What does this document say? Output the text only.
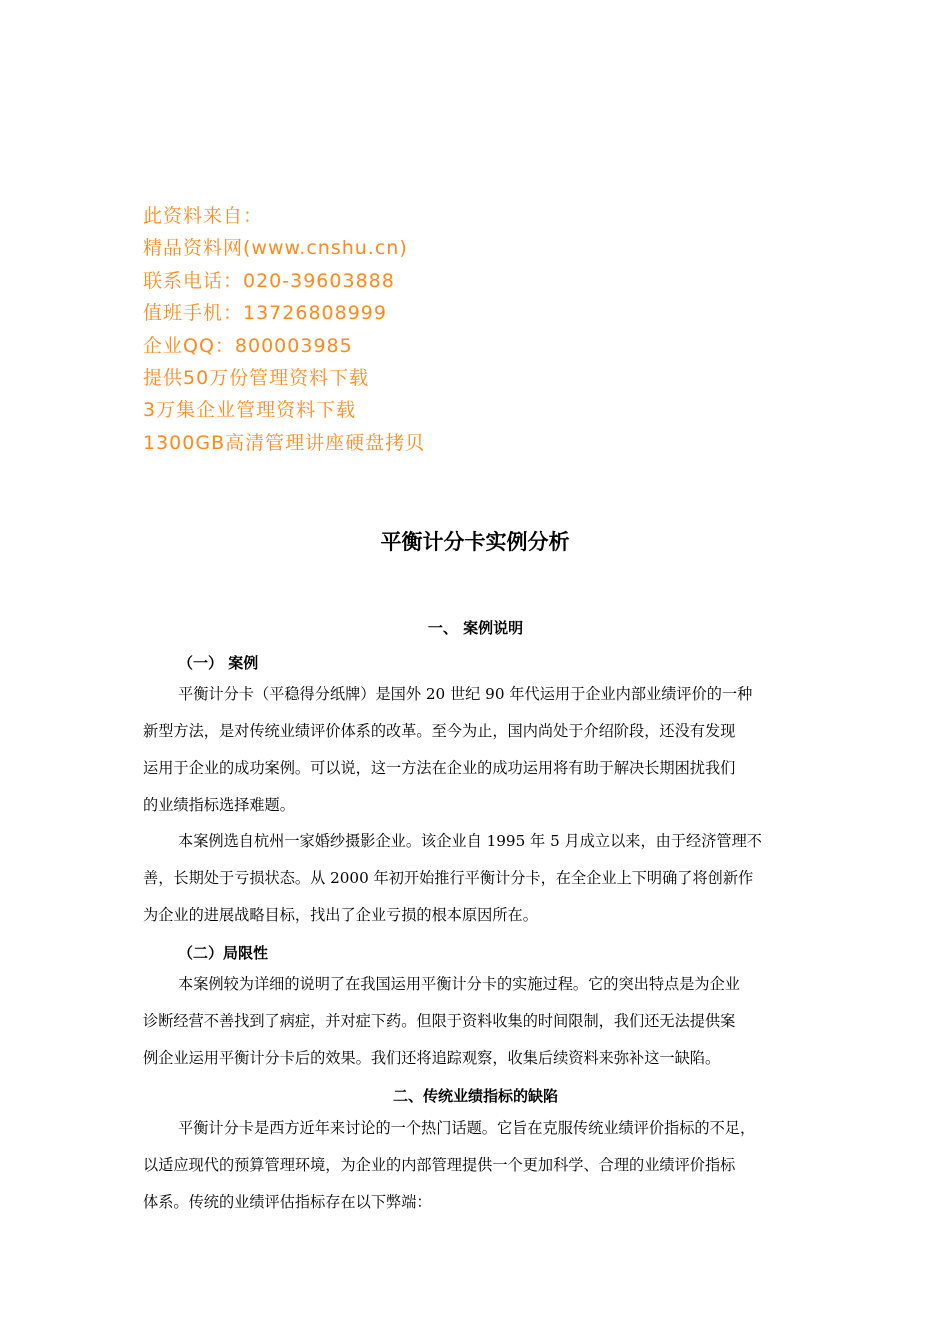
此资料来自：
精品资料网(www.cnshu.cn)
联系电话：020-39603888
值班手机：13726808999
企业QQ：800003985
提供50万份管理资料下载
3万集企业管理资料下载
1300GB高清管理讲座硬盘拷贝
平衡计分卡实例分析
一、 案例说明
（一） 案例
平衡计分卡（平稳得分纸牌）是国外 20 世纪 90 年代运用于企业内部业绩评价的一种
新型方法，是对传统业绩评价体系的改革。至今为止，国内尚处于介绍阶段，还没有发现
运用于企业的成功案例。可以说，这一方法在企业的成功运用将有助于解决长期困扰我们
的业绩指标选择难题。
本案例选自杭州一家婚纱摄影企业。该企业自 1995 年 5 月成立以来，由于经济管理不
善，长期处于亏损状态。从 2000 年初开始推行平衡计分卡，在全企业上下明确了将创新作
为企业的进展战略目标，找出了企业亏损的根本原因所在。
（二）局限性
本案例较为详细的说明了在我国运用平衡计分卡的实施过程。它的突出特点是为企业
诊断经营不善找到了病症，并对症下药。但限于资料收集的时间限制，我们还无法提供案
例企业运用平衡计分卡后的效果。我们还将追踪观察，收集后续资料来弥补这一缺陷。
二、传统业绩指标的缺陷
平衡计分卡是西方近年来讨论的一个热门话题。它旨在克服传统业绩评价指标的不足，
以适应现代的预算管理环境，为企业的内部管理提供一个更加科学、合理的业绩评价指标
体系。传统的业绩评估指标存在以下弊端：
